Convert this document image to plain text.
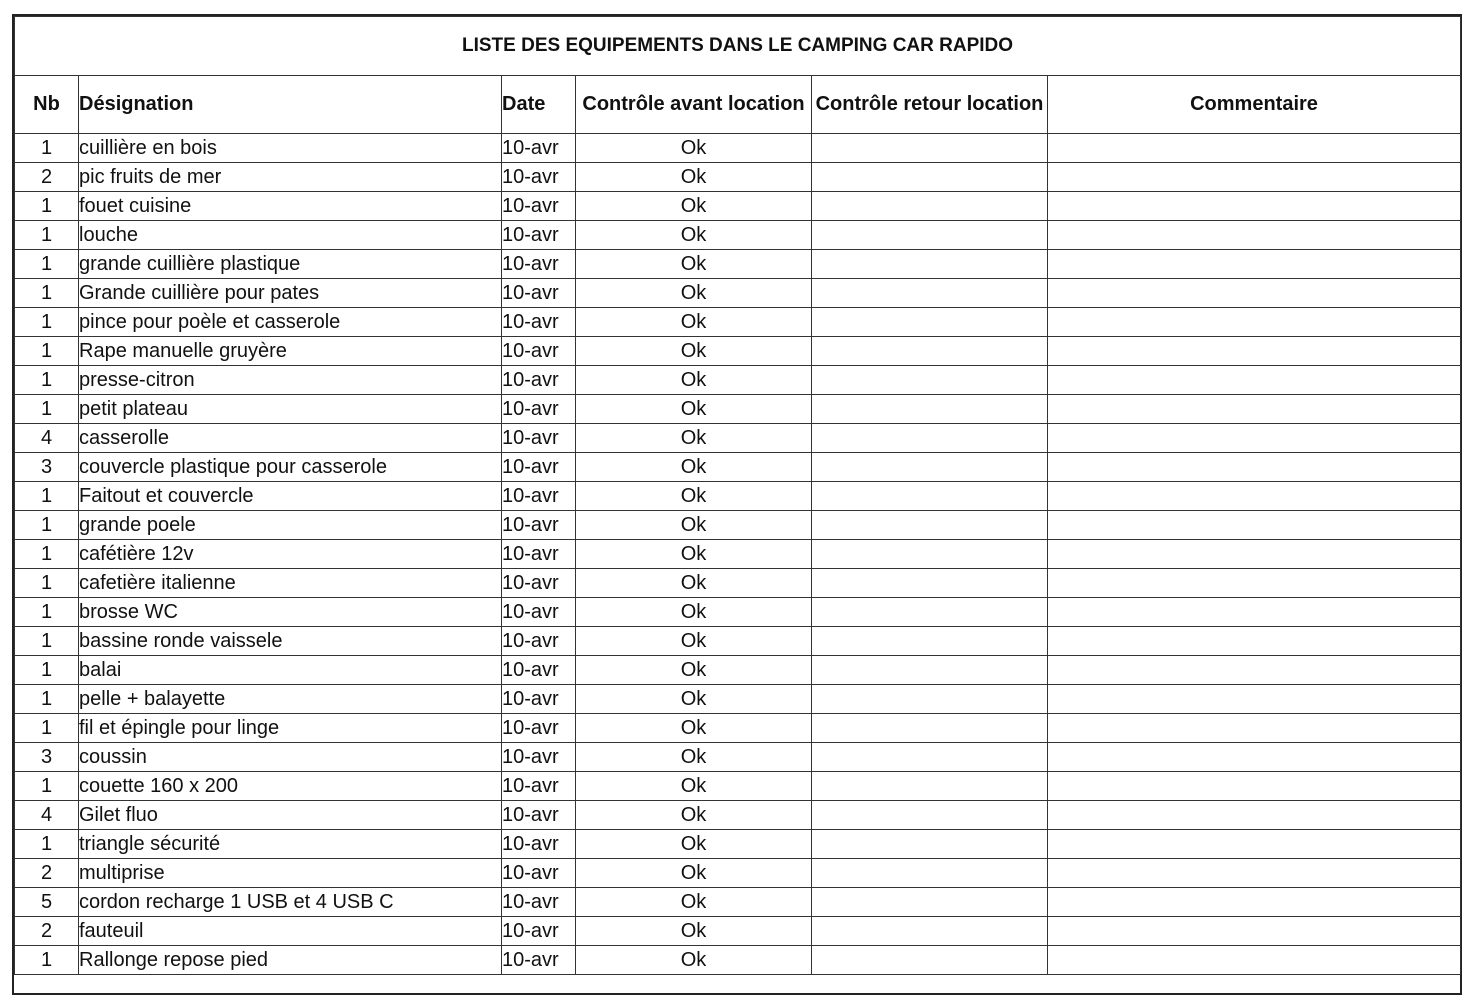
LISTE DES EQUIPEMENTS DANS LE CAMPING CAR RAPIDO					
Nb	Désignation	Date	Contrôle avant location	Contrôle retour location	Commentaire
1	cuillière en bois	10-avr	Ok		
2	pic fruits de mer	10-avr	Ok		
1	fouet cuisine	10-avr	Ok		
1	louche	10-avr	Ok		
1	grande cuillière plastique	10-avr	Ok		
1	Grande cuillière pour pates	10-avr	Ok		
1	pince pour poèle et casserole	10-avr	Ok		
1	Rape manuelle gruyère	10-avr	Ok		
1	presse-citron	10-avr	Ok		
1	petit plateau	10-avr	Ok		
4	casserolle	10-avr	Ok		
3	couvercle plastique pour casserole	10-avr	Ok		
1	Faitout et couvercle	10-avr	Ok		
1	grande poele	10-avr	Ok		
1	cafétière 12v	10-avr	Ok		
1	cafetière italienne	10-avr	Ok		
1	brosse WC	10-avr	Ok		
1	bassine ronde vaissele	10-avr	Ok		
1	balai	10-avr	Ok		
1	pelle + balayette	10-avr	Ok		
1	fil et épingle pour linge	10-avr	Ok		
3	coussin	10-avr	Ok		
1	couette 160 x 200	10-avr	Ok		
4	Gilet fluo	10-avr	Ok		
1	triangle sécurité	10-avr	Ok		
2	multiprise	10-avr	Ok		
5	cordon recharge 1 USB et 4 USB C	10-avr	Ok		
2	fauteuil	10-avr	Ok		
1	Rallonge repose pied	10-avr	Ok		
